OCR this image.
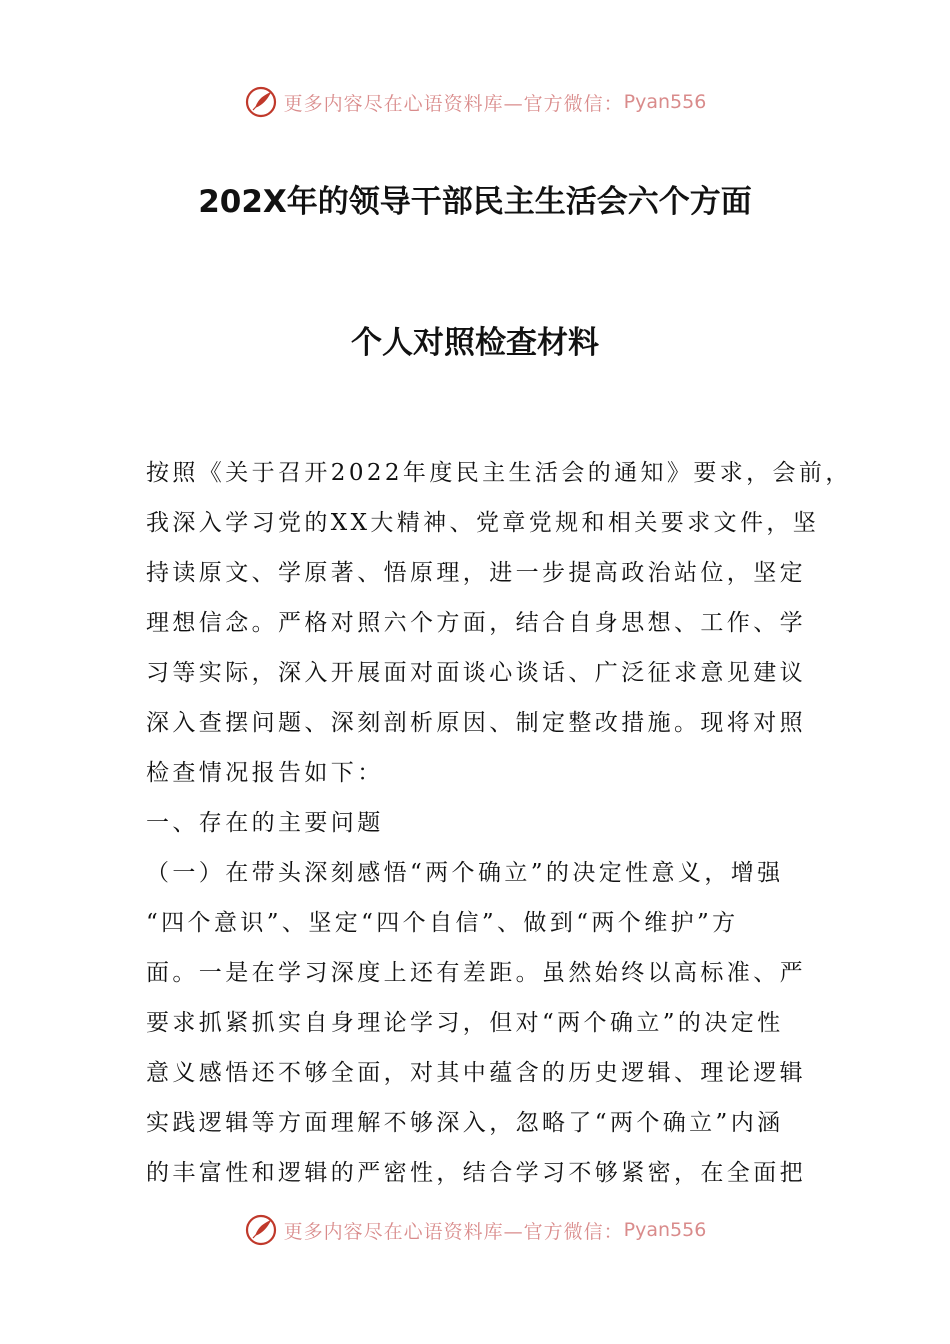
更多内容尽在心语资料库—官方微信： Pyan556
202X年的领导干部民主生活会六个方面
个人对照检查材料
按照《关于召开2022年度民主生活会的通知》要求，会前，
我深入学习党的XX大精神、党章党规和相关要求文件，坚
持读原文、学原著、悟原理，进一步提高政治站位，坚定
理想信念。严格对照六个方面，结合自身思想、工作、学
习等实际，深入开展面对面谈心谈话、广泛征求意见建议
深入查摆问题、深刻剖析原因、制定整改措施。现将对照
检查情况报告如下：
一、存在的主要问题
（一）在带头深刻感悟“两个确立”的决定性意义，增强
“四个意识”、坚定“四个自信”、做到“两个维护”方
面。一是在学习深度上还有差距。虽然始终以高标准、严
要求抓紧抓实自身理论学习，但对“两个确立”的决定性
意义感悟还不够全面，对其中蕴含的历史逻辑、理论逻辑
实践逻辑等方面理解不够深入，忽略了“两个确立”内涵
的丰富性和逻辑的严密性，结合学习不够紧密，在全面把
更多内容尽在心语资料库—官方微信： Pyan556
